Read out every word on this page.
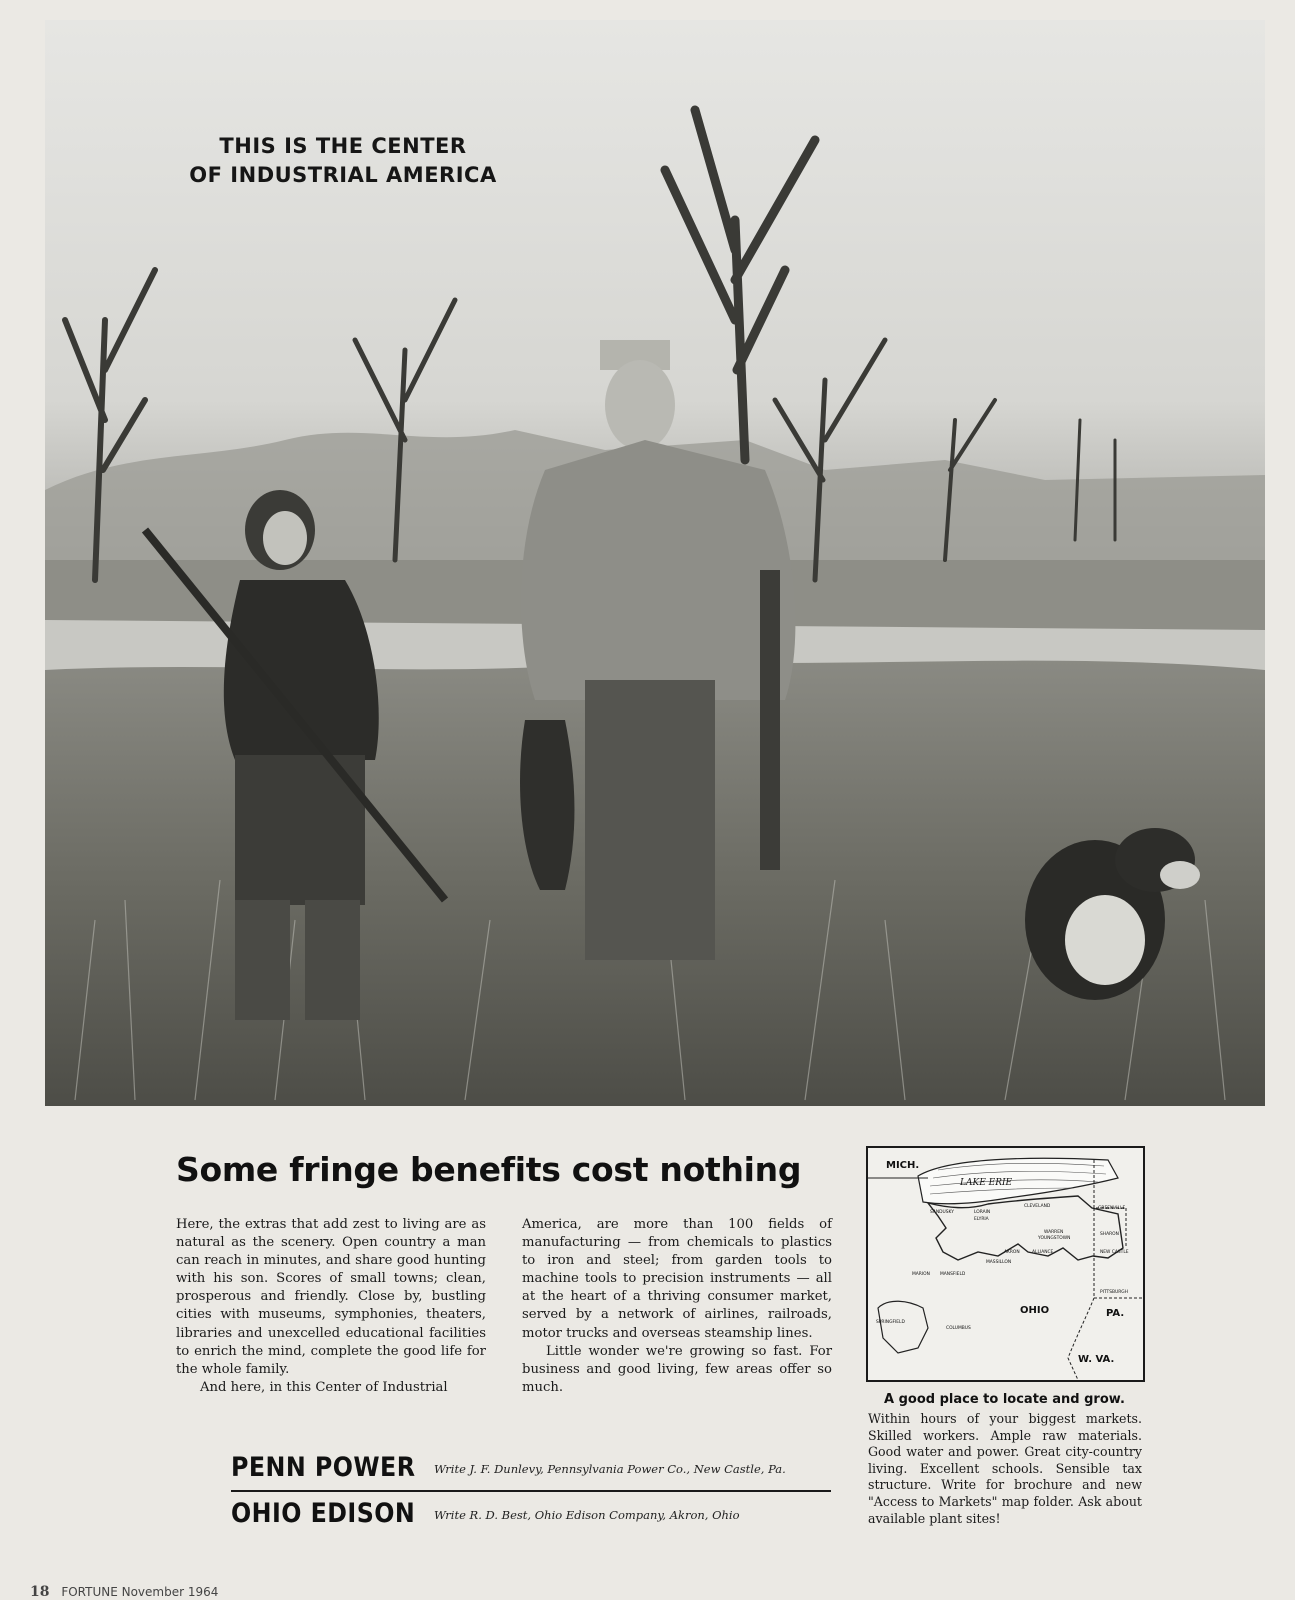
THIS IS THE CENTER
OF INDUSTRIAL AMERICA
Some fringe benefits cost nothing

Here, the extras that add zest to living are as natural as the scenery. Open country a man can reach in minutes, and share good hunting with his son. Scores of small towns; clean, prosperous and friendly. Close by, bustling cities with museums, symphonies, theaters, libraries and unexcelled educational facilities to enrich the mind, complete the good life for the whole family.

And here, in this Center of Industrial

America, are more than 100 fields of manufacturing — from chemicals to plastics to iron and steel; from garden tools to machine tools to precision instruments — all at the heart of a thriving consumer market, served by a network of airlines, railroads, motor trucks and overseas steamship lines.

Little wonder we're growing so fast. For business and good living, few areas offer so much.

PENN POWER Write J. F. Dunlevy, Pennsylvania Power Co., New Castle, Pa.
OHIO EDISON Write R. D. Best, Ohio Edison Company, Akron, Ohio
MICH.
LAKE ERIE
OHIO	PA.
W. VA.
SANDUSKY	LORAIN
ELYRIA
CLEVELAND
WARREN
YOUNGSTOWN
GREENVILLE
SHARON
AKRON	ALLIANCE	NEW CASTLE
MASSILLON
MARION MANSFIELD
PITTSBURGH
SPRINGFIELD
COLUMBUS
A good place to locate and grow.
Within hours of your biggest markets. Skilled workers. Ample raw materials. Good water and power. Great city-country living. Excellent schools. Sensible tax structure. Write for brochure and new "Access to Markets" map folder. Ask about available plant sites!
18 FORTUNE November 1964
